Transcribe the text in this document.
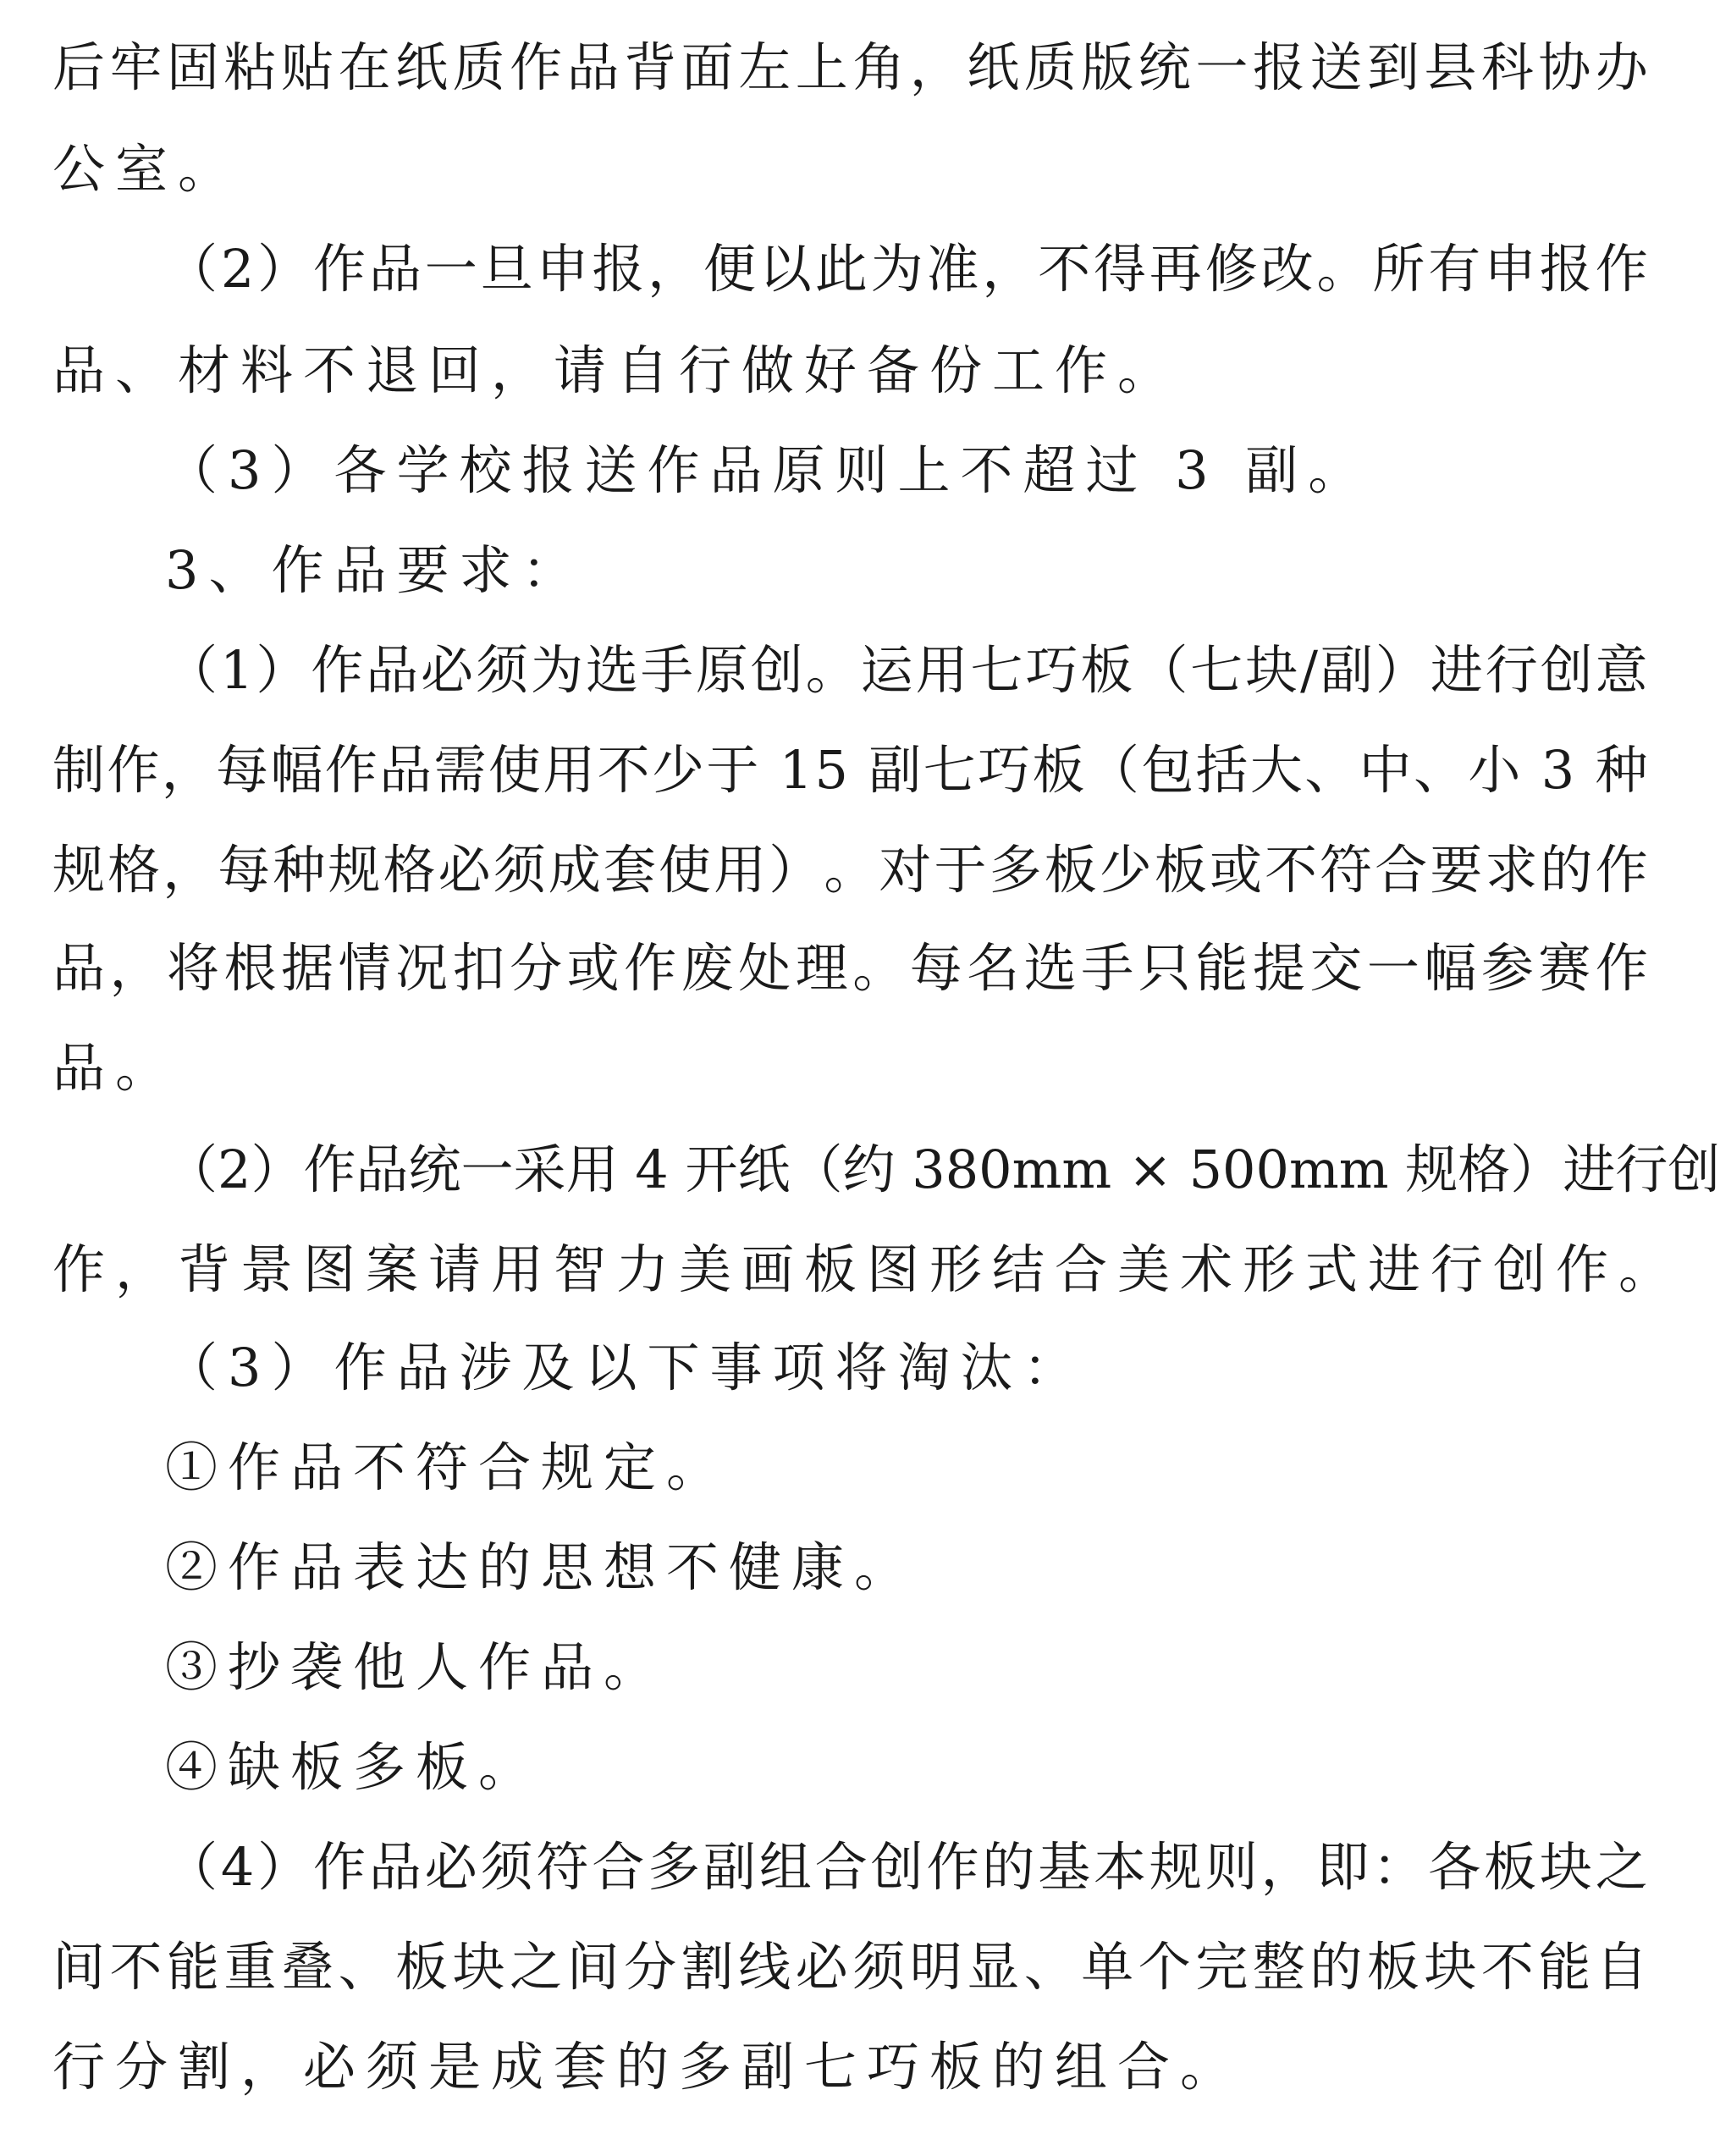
后 牢 固 粘 贴 在 纸 质 作 品 背 面 左 上 角 ， 纸 质 版 统 一 报 送 到 县 科 协 办
公室。
（ 2 ） 作 品 一 旦 申 报 ， 便 以 此 为 准 ， 不 得 再 修 改 。 所 有 申 报 作
品、材料不退回，请自行做好备份工作。
（3）各学校报送作品原则上不超过 3 副。
3、作品要求：
（ 1 ） 作 品 必 须 为 选 手 原 创 。 运 用 七 巧 板 （ 七 块 / 副 ） 进 行 创 意
制 作 ， 每 幅 作 品 需 使 用 不 少 于
1 5
副 七 巧 板 （ 包 括 大 、 中 、 小
3
种
规 格 ， 每 种 规 格 必 须 成 套 使 用 ） 。 对 于 多 板 少 板 或 不 符 合 要 求 的 作
品 ， 将 根 据 情 况 扣 分 或 作 废 处 理 。 每 名 选 手 只 能 提 交 一 幅 参 赛 作
品。
（ 2 ） 作 品 统 一 采 用
4
开 纸 （ 约
3 8 0 m m
×
5 0 0 m m
规 格 ） 进 行 创
作，背景图案请用智力美画板图形结合美术形式进行创作。
（3）作品涉及以下事项将淘汰：
①作品不符合规定。
②作品表达的思想不健康。
③抄袭他人作品。
④缺板多板。
（ 4 ） 作 品 必 须 符 合 多 副 组 合 创 作 的 基 本 规 则 ， 即 ： 各 板 块 之
间 不 能 重 叠 、 板 块 之 间 分 割 线 必 须 明 显 、 单 个 完 整 的 板 块 不 能 自
行分割，必须是成套的多副七巧板的组合。
